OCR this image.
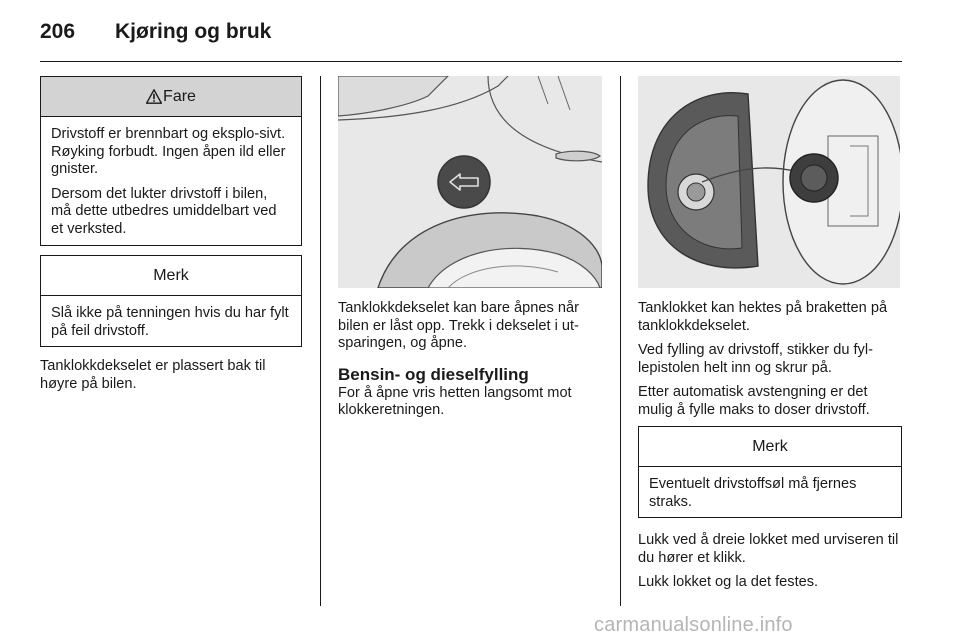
206 Kjøring og bruk
Fare

Drivstoff er brennbart og eksplo-sivt. Røyking forbudt. Ingen åpen ild eller gnister.

Dersom det lukter drivstoff i bilen, må dette utbedres umiddelbart ved et verksted.

Merk

Slå ikke på tenningen hvis du har fylt på feil drivstoff.

Tanklokkdekselet er plassert bak til høyre på bilen.

Tanklokkdekselet kan bare åpnes når bilen er låst opp. Trekk i dekselet i ut-sparingen, og åpne.

Bensin- og dieselfylling

For å åpne vris hetten langsomt mot klokkeretningen.

Tanklokket kan hektes på braketten på tanklokkdekselet.

Ved fylling av drivstoff, stikker du fyl-lepistolen helt inn og skrur på.

Etter automatisk avstengning er det mulig å fylle maks to doser drivstoff.

Merk

Eventuelt drivstoffsøl må fjernes straks.

Lukk ved å dreie lokket med urviseren til du hører et klikk.

Lukk lokket og la det festes.

carmanualsonline.info
